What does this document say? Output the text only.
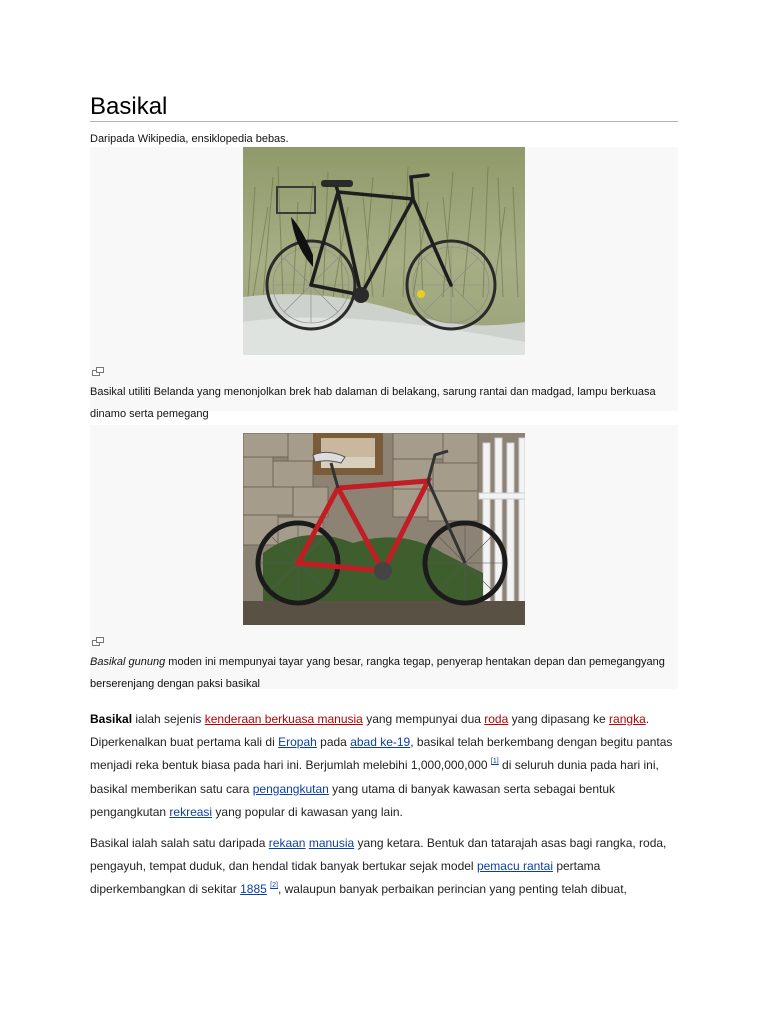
Basikal
Daripada Wikipedia, ensiklopedia bebas.
Basikal utiliti Belanda yang menonjolkan brek hab dalaman di belakang, sarung rantai dan madgad, lampu berkuasa dinamo serta pemegang
Basikal gunung moden ini mempunyai tayar yang besar, rangka tegap, penyerap hentakan depan dan pemegangyang berserenjang dengan paksi basikal

Basikal ialah sejenis kenderaan berkuasa manusia yang mempunyai dua roda yang dipasang ke rangka. Diperkenalkan buat pertama kali di Eropah pada abad ke-19, basikal telah berkembang dengan begitu pantas menjadi reka bentuk biasa pada hari ini. Berjumlah melebihi 1,000,000,000 [1] di seluruh dunia pada hari ini, basikal memberikan satu cara pengangkutan yang utama di banyak kawasan serta sebagai bentuk pengangkutan rekreasi yang popular di kawasan yang lain.

Basikal ialah salah satu daripada rekaan manusia yang ketara. Bentuk dan tatarajah asas bagi rangka, roda, pengayuh, tempat duduk, dan hendal tidak banyak bertukar sejak model pemacu rantai pertama diperkembangkan di sekitar 1885 [2], walaupun banyak perbaikan perincian yang penting telah dibuat,
